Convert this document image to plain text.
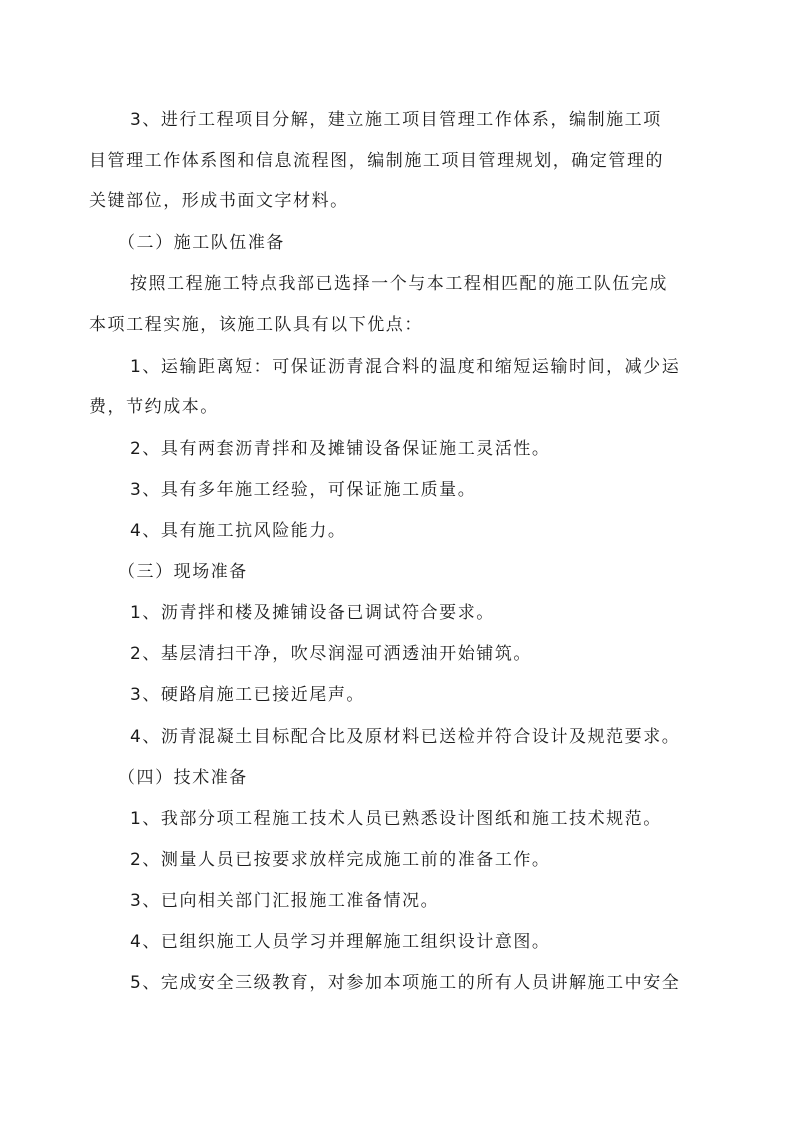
3、进行工程项目分解，建立施工项目管理工作体系，编制施工项
目管理工作体系图和信息流程图，编制施工项目管理规划，确定管理的
关键部位，形成书面文字材料。
（二）施工队伍准备
按照工程施工特点我部已选择一个与本工程相匹配的施工队伍完成
本项工程实施，该施工队具有以下优点：
1、运输距离短：可保证沥青混合料的温度和缩短运输时间，减少运
费，节约成本。
2、具有两套沥青拌和及摊铺设备保证施工灵活性。
3、具有多年施工经验，可保证施工质量。
4、具有施工抗风险能力。
（三）现场准备
1、沥青拌和楼及摊铺设备已调试符合要求。
2、基层清扫干净，吹尽润湿可洒透油开始铺筑。
3、硬路肩施工已接近尾声。
4、沥青混凝土目标配合比及原材料已送检并符合设计及规范要求。
（四）技术准备
1、我部分项工程施工技术人员已熟悉设计图纸和施工技术规范。
2、测量人员已按要求放样完成施工前的准备工作。
3、已向相关部门汇报施工准备情况。
4、已组织施工人员学习并理解施工组织设计意图。
5、完成安全三级教育，对参加本项施工的所有人员讲解施工中安全
